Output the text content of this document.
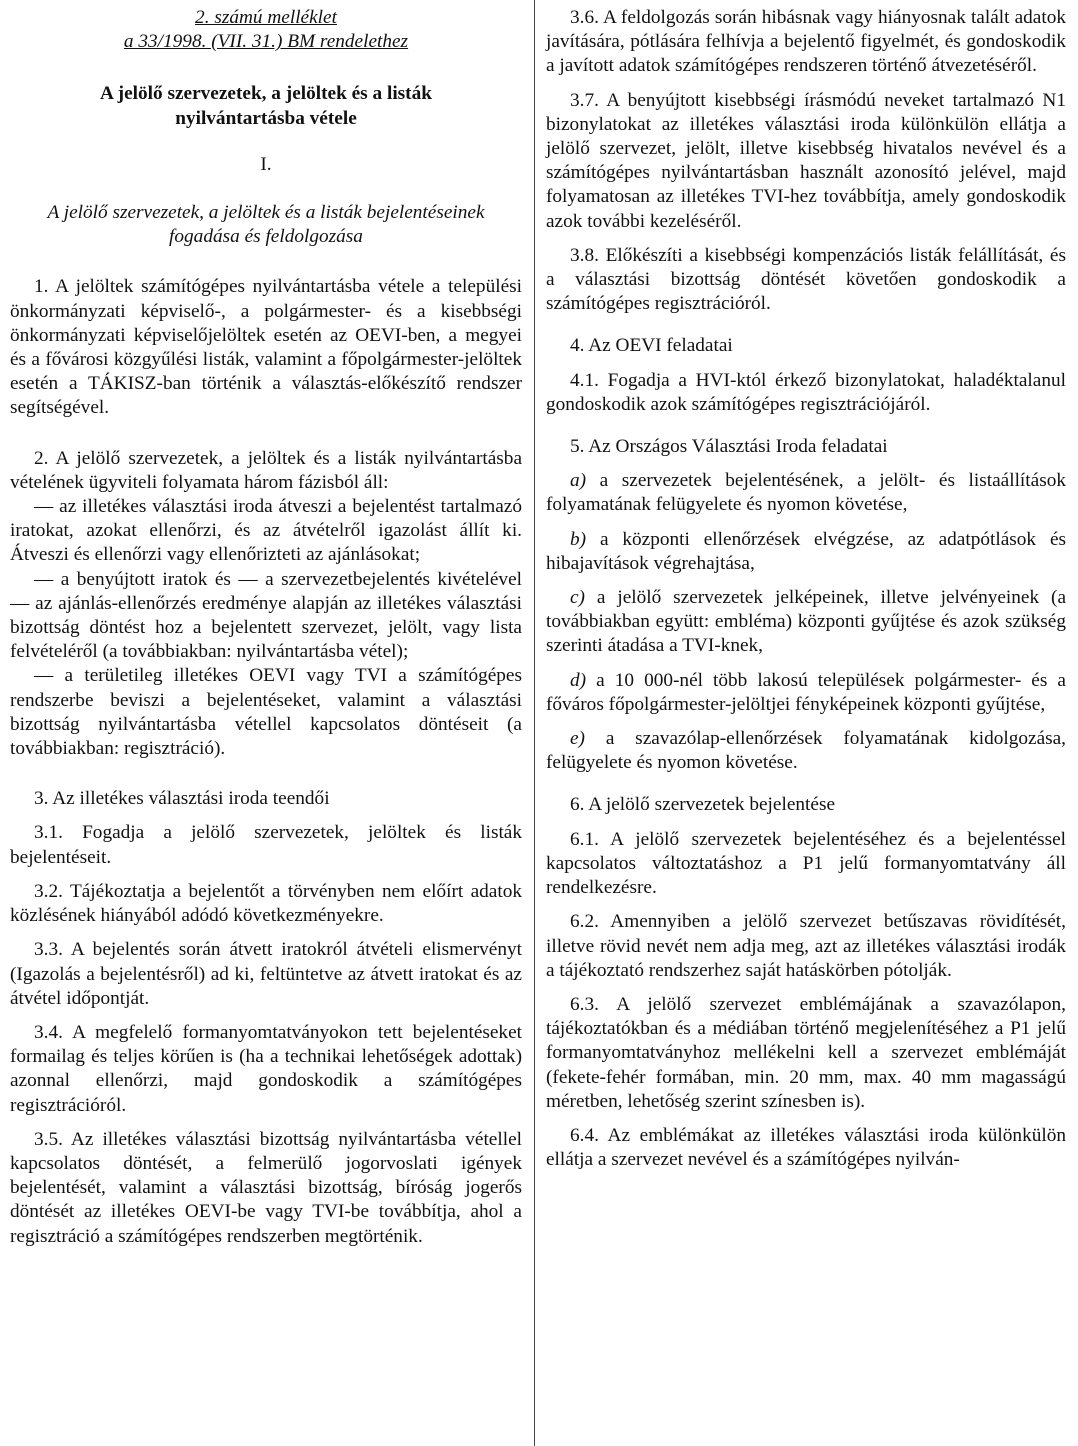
2. számú melléklet

a 33/1998. (VII. 31.) BM rendelethez

A jelölő szervezetek, a jelöltek és a listák
nyilvántartásba vétele

I.

A jelölő szervezetek, a jelöltek és a listák bejelentéseinek
fogadása és feldolgozása

1. A jelöltek számítógépes nyilvántartásba vétele a települési önkormányzati képviselő-, a polgármester- és a kisebbségi önkormányzati képviselőjelöltek esetén az OEVI-ben, a megyei és a fővárosi közgyűlési listák, valamint a főpolgármester-jelöltek esetén a TÁKISZ-ban történik a választás-előkészítő rendszer segítségével.

2. A jelölő szervezetek, a jelöltek és a listák nyilvántartásba vételének ügyviteli folyamata három fázisból áll:

— az illetékes választási iroda átveszi a bejelentést tartalmazó iratokat, azokat ellenőrzi, és az átvételről igazolást állít ki. Átveszi és ellenőrzi vagy ellenőrizteti az ajánlásokat;

— a benyújtott iratok és — a szervezetbejelentés kivételével — az ajánlás-ellenőrzés eredménye alapján az illetékes választási bizottság döntést hoz a bejelentett szervezet, jelölt, vagy lista felvételéről (a továbbiakban: nyilvántartásba vétel);

— a területileg illetékes OEVI vagy TVI a számítógépes rendszerbe beviszi a bejelentéseket, valamint a választási bizottság nyilvántartásba vétellel kapcsolatos döntéseit (a továbbiakban: regisztráció).

3. Az illetékes választási iroda teendői

3.1. Fogadja a jelölő szervezetek, jelöltek és listák bejelentéseit.

3.2. Tájékoztatja a bejelentőt a törvényben nem előírt adatok közlésének hiányából adódó következményekre.

3.3. A bejelentés során átvett iratokról átvételi elismervényt (Igazolás a bejelentésről) ad ki, feltüntetve az átvett iratokat és az átvétel időpontját.

3.4. A megfelelő formanyomtatványokon tett bejelentéseket formailag és teljes körűen is (ha a technikai lehetőségek adottak) azonnal ellenőrzi, majd gondoskodik a számítógépes regisztrációról.

3.5. Az illetékes választási bizottság nyilvántartásba vétellel kapcsolatos döntését, a felmerülő jogorvoslati igények bejelentését, valamint a választási bizottság, bíróság jogerős döntését az illetékes OEVI-be vagy TVI-be továbbítja, ahol a regisztráció a számítógépes rendszerben megtörténik.

3.6. A feldolgozás során hibásnak vagy hiányosnak talált adatok javítására, pótlására felhívja a bejelentő figyelmét, és gondoskodik a javított adatok számítógépes rendszeren történő átvezetéséről.

3.7. A benyújtott kisebbségi írásmódú neveket tartalmazó N1 bizonylatokat az illetékes választási iroda különkülön ellátja a jelölő szervezet, jelölt, illetve kisebbség hivatalos nevével és a számítógépes nyilvántartásban használt azonosító jelével, majd folyamatosan az illetékes TVI-hez továbbítja, amely gondoskodik azok további kezeléséről.

3.8. Előkészíti a kisebbségi kompenzációs listák felállítását, és a választási bizottság döntését követően gondoskodik a számítógépes regisztrációról.

4. Az OEVI feladatai

4.1. Fogadja a HVI-któl érkező bizonylatokat, haladéktalanul gondoskodik azok számítógépes regisztrációjáról.

5. Az Országos Választási Iroda feladatai

a) a szervezetek bejelentésének, a jelölt- és listaállítások folyamatának felügyelete és nyomon követése,

b) a központi ellenőrzések elvégzése, az adatpótlások és hibajavítások végrehajtása,

c) a jelölő szervezetek jelképeinek, illetve jelvényeinek (a továbbiakban együtt: embléma) központi gyűjtése és azok szükség szerinti átadása a TVI-knek,

d) a 10 000-nél több lakosú települések polgármester- és a főváros főpolgármester-jelöltjei fényképeinek központi gyűjtése,

e) a szavazólap-ellenőrzések folyamatának kidolgozása, felügyelete és nyomon követése.

6. A jelölő szervezetek bejelentése

6.1. A jelölő szervezetek bejelentéséhez és a bejelentéssel kapcsolatos változtatáshoz a P1 jelű formanyomtatvány áll rendelkezésre.

6.2. Amennyiben a jelölő szervezet betűszavas rövidítését, illetve rövid nevét nem adja meg, azt az illetékes választási irodák a tájékoztató rendszerhez saját hatáskörben pótolják.

6.3. A jelölő szervezet emblémájának a szavazólapon, tájékoztatókban és a médiában történő megjelenítéséhez a P1 jelű formanyomtatványhoz mellékelni kell a szervezet emblémáját (fekete-fehér formában, min. 20 mm, max. 40 mm magasságú méretben, lehetőség szerint színesben is).

6.4. Az emblémákat az illetékes választási iroda különkülön ellátja a szervezet nevével és a számítógépes nyilván-
